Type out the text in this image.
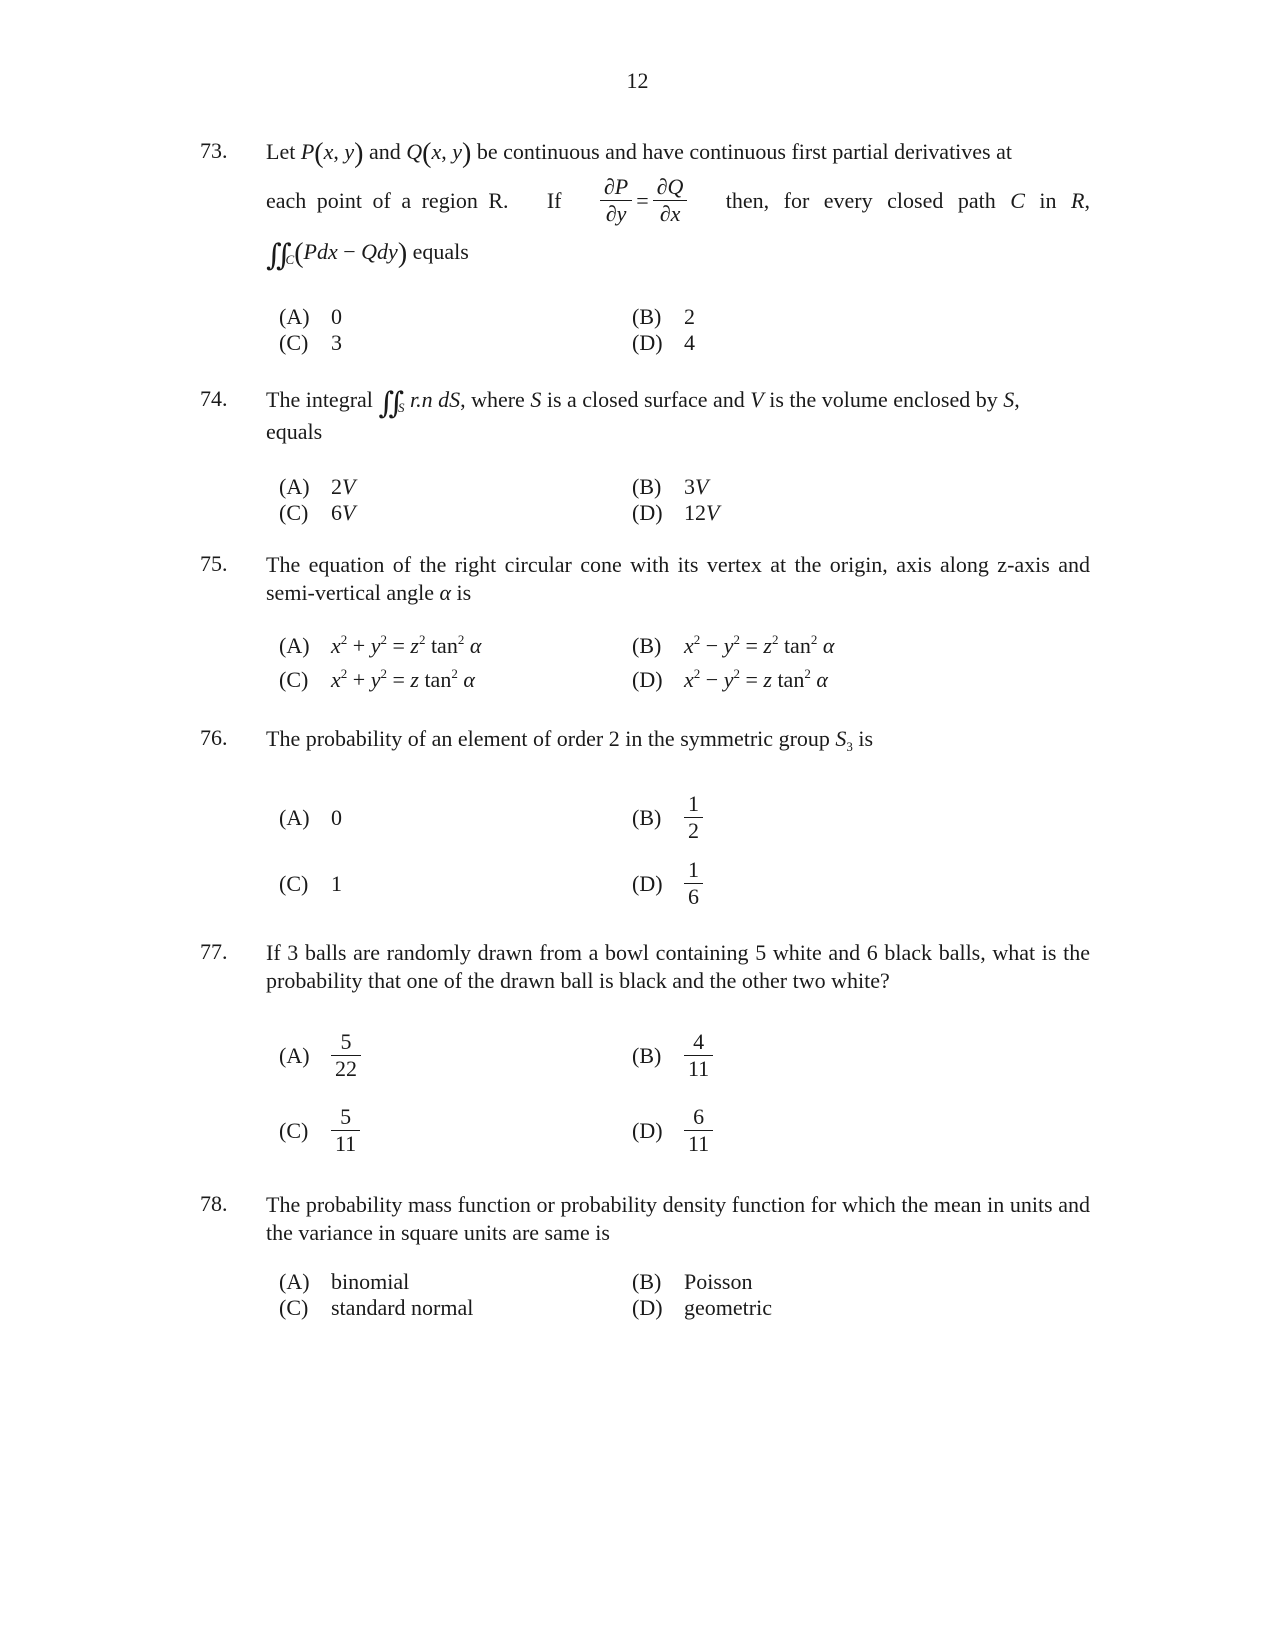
12
73. Let P(x, y) and Q(x, y) be continuous and have continuous first partial derivatives at
each point of a region R. If $\frac{\partial P}{\partial y} = \frac{\partial Q}{\partial x}$ then, for every closed path C in R,
∬ $_C$(Pdx − Qdy) equals
(A) 0	(B) 2
(C) 3	(D) 4
74. The integral ∬ $_S$ r.n dS, where S is a closed surface and V is the volume enclosed by S,
equals
(A) 2V	(B) 3V
(C) 6V	(D) 12V
75. The equation of the right circular cone with its vertex at the origin, axis along z-axis and semi-vertical angle α is
(A) $x^2 + y^2 = z^2$ $\tan^2 \alpha$	(B) $x^2 - y^2 = z^2$ $\tan^2 \alpha$
(C) $x^2 + y^2 = z$ $\tan^2 \alpha$	(D) $x^2 - y^2 = z$ $\tan^2 \alpha$
76. The probability of an element of order 2 in the symmetric group $S_3$ is
(A) 0	(B)	$\frac{1}{2}$
(C) 1	$(D) \frac{1}{6}$
77. If 3 balls are randomly drawn from a bowl containing 5 white and 6 black balls, what is the probability that one of the drawn ball is black and the other two white?
$(A) \frac{5}{22}$	(B)	$\frac{4}{11}$
(C)	$\frac{5}{11}$	$(D) \frac{6}{11}$
78. The probability mass function or probability density function for which the mean in units and the variance in square units are same is
(A) binomial	(B) Poisson
(C) standard normal	(D) geometric
